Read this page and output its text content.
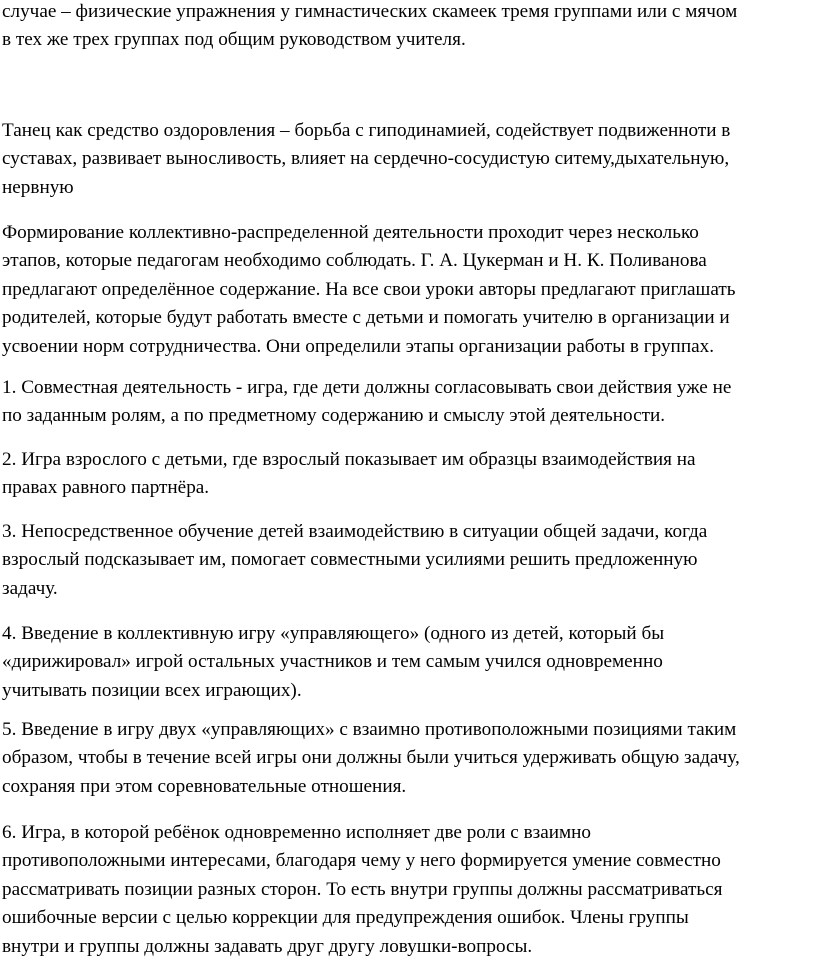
случае – физические упражнения у гимнастических скамеек тремя группами или с мячом
в тех же трех группах под общим руководством учителя.

Танец как средство оздоровления – борьба с гиподинамией, содействует подвиженноти в
суставах, развивает выносливость, влияет на сердечно-сосудистую ситему,дыхательную,
нервную

Формирование коллективно-распределенной деятельности проходит через несколько
этапов, которые педагогам необходимо соблюдать. Г. А. Цукерман и Н. К. Поливанова
предлагают определённое содержание. На все свои уроки авторы предлагают приглашать
родителей, которые будут работать вместе с детьми и помогать учителю в организации и
усвоении норм сотрудничества. Они определили этапы организации работы в группах.

1. Совместная деятельность - игра, где дети должны согласовывать свои действия уже не
по заданным ролям, а по предметному содержанию и смыслу этой деятельности.

2. Игра взрослого с детьми, где взрослый показывает им образцы взаимодействия на
правах равного партнёра.

3. Непосредственное обучение детей взаимодействию в ситуации общей задачи, когда
взрослый подсказывает им, помогает совместными усилиями решить предложенную
задачу.

4. Введение в коллективную игру «управляющего» (одного из детей, который бы
«дирижировал» игрой остальных участников и тем самым учился одновременно
учитывать позиции всех играющих).

5. Введение в игру двух «управляющих» с взаимно противоположными позициями таким
образом, чтобы в течение всей игры они должны были учиться удерживать общую задачу,
сохраняя при этом соревновательные отношения.

6. Игра, в которой ребёнок одновременно исполняет две роли с взаимно
противоположными интересами, благодаря чему у него формируется умение совместно
рассматривать позиции разных сторон. То есть внутри группы должны рассматриваться
ошибочные версии с целью коррекции для предупреждения ошибок. Члены группы
внутри и группы должны задавать друг другу ловушки-вопросы.
